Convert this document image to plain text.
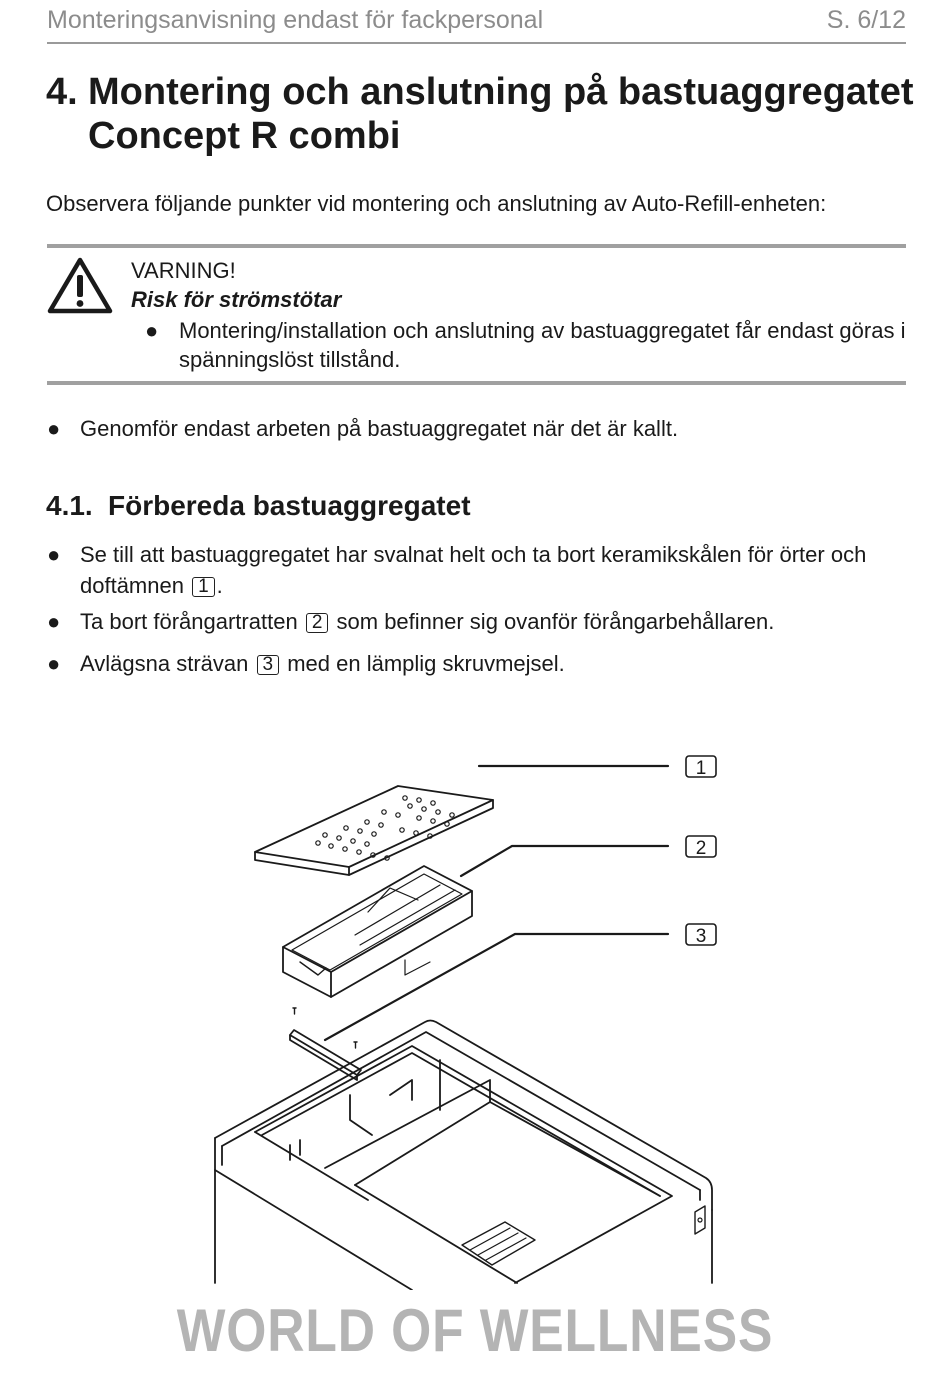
Monteringsanvisning endast för fackpersonal	S. 6/12
4. Montering och anslutning på bastuaggregatet
Concept R combi
Observera följande punkter vid montering och anslutning av Auto-Refill-enheten:
VARNING!
Risk för strömstötar
● Montering/installation och anslutning av bastuaggregatet får endast göras i spänningslöst tillstånd.
● Genomför endast arbeten på bastuaggregatet när det är kallt.
4.1. Förbereda bastuaggregatet
● Se till att bastuaggregatet har svalnat helt och ta bort keramikskålen för örter och doftämnen 1 .
● Ta bort förångartratten 2 som befinner sig ovanför förångarbehållaren.
● Avlägsna strävan 3 med en lämplig skruvmejsel.
1
2
3
WORLD OF WELLNESS
